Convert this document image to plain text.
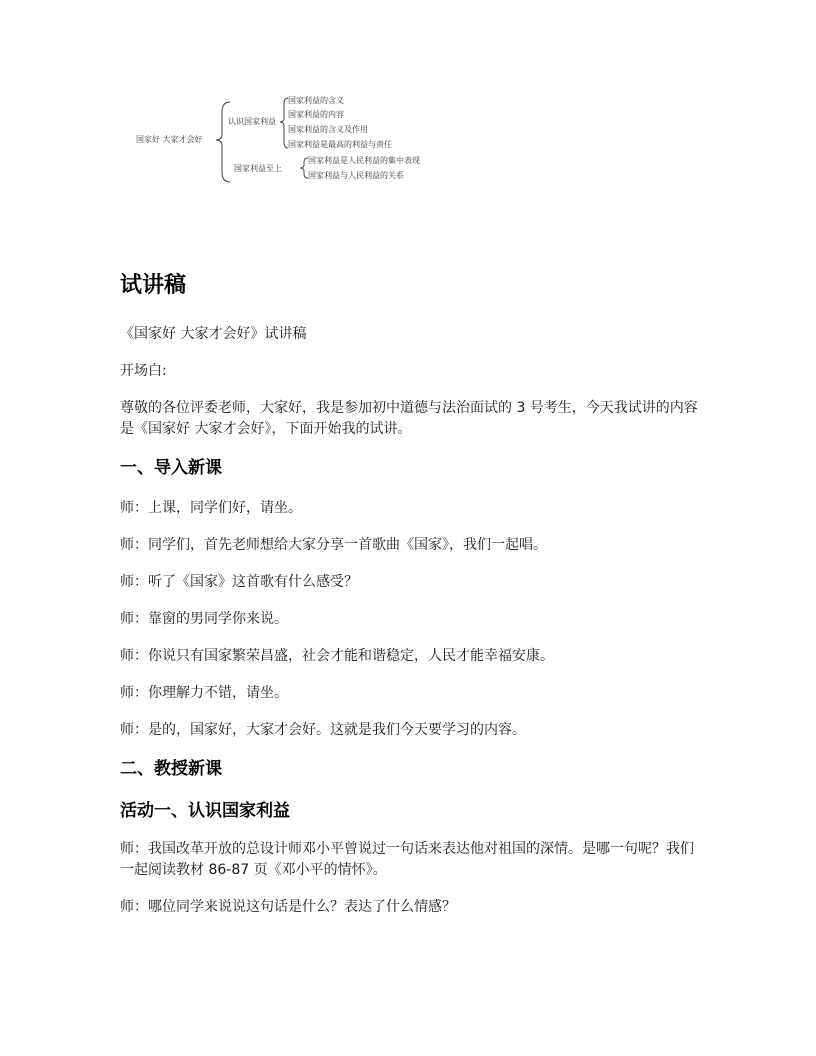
国家好 大家才会好
认识国家利益
国家利益的含义
国家利益的内容
国家利益的含义及作用
国家利益是最高的利益与责任
国家利益至上
国家利益是人民利益的集中表现
国家利益与人民利益的关系
试讲稿

《国家好 大家才会好》试讲稿

开场白:

尊敬的各位评委老师，大家好，我是参加初中道德与法治面试的 3 号考生，今天我试讲的内容是《国家好 大家才会好》，下面开始我的试讲。

一、导入新课

师：上课，同学们好，请坐。

师：同学们，首先老师想给大家分享一首歌曲《国家》，我们一起唱。

师：听了《国家》这首歌有什么感受？

师：靠窗的男同学你来说。

师：你说只有国家繁荣昌盛，社会才能和谐稳定，人民才能幸福安康。

师：你理解力不错，请坐。

师：是的，国家好，大家才会好。这就是我们今天要学习的内容。

二、教授新课
活动一、认识国家利益

师：我国改革开放的总设计师邓小平曾说过一句话来表达他对祖国的深情。是哪一句呢？我们一起阅读教材 86-87 页《邓小平的情怀》。

师：哪位同学来说说这句话是什么？表达了什么情感？
